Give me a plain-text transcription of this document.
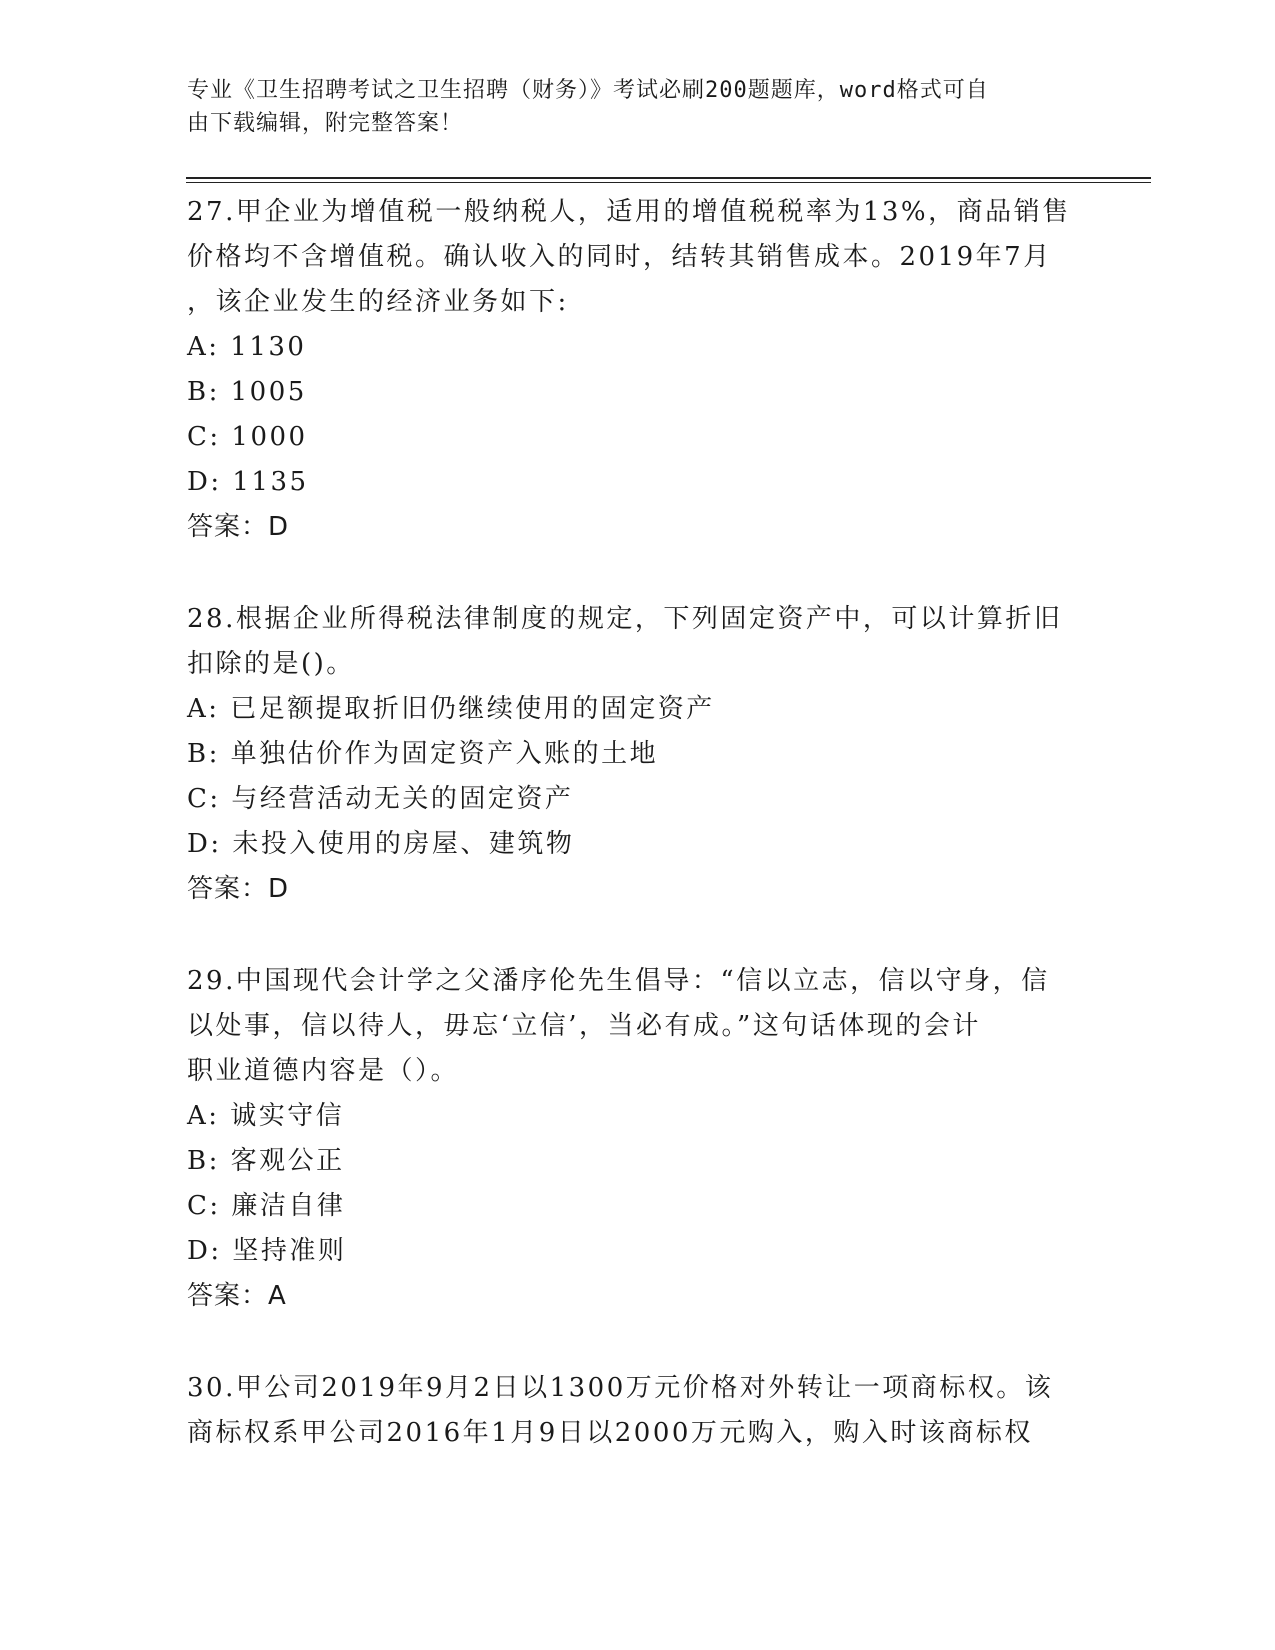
专业《卫生招聘考试之卫生招聘（财务）》考试必刷200题题库，word格式可自
由下载编辑，附完整答案！
27.甲企业为增值税一般纳税人，适用的增值税税率为13%，商品销售
价格均不含增值税。确认收入的同时，结转其销售成本。2019年7月
，该企业发生的经济业务如下:
A: 1130
B: 1005
C: 1000
D: 1135
答案：D
28.根据企业所得税法律制度的规定，下列固定资产中，可以计算折旧
扣除的是()。
A: 已足额提取折旧仍继续使用的固定资产
B: 单独估价作为固定资产入账的土地
C: 与经营活动无关的固定资产
D: 未投入使用的房屋、建筑物
答案：D
29.中国现代会计学之父潘序伦先生倡导：“信以立志，信以守身，信
以处事，信以待人，毋忘‘立信’，当必有成。”这句话体现的会计
职业道德内容是（）。
A: 诚实守信
B: 客观公正
C: 廉洁自律
D: 坚持准则
答案：A
30.甲公司2019年9月2日以1300万元价格对外转让一项商标权。该
商标权系甲公司2016年1月9日以2000万元购入，购入时该商标权
